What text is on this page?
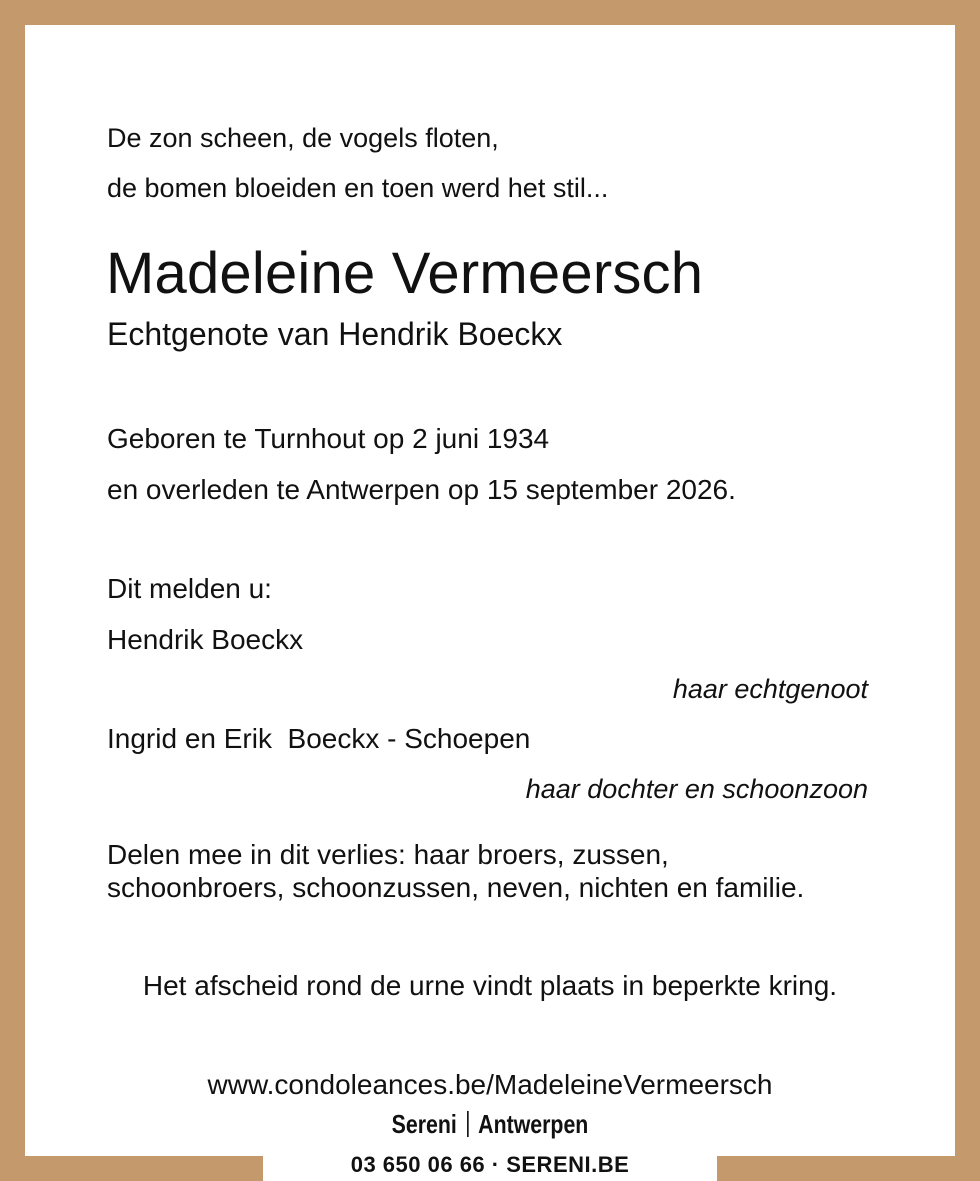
De zon scheen, de vogels floten,

de bomen bloeiden en toen werd het stil...

Madeleine Vermeersch

Echtgenote van Hendrik Boeckx

Geboren te Turnhout op 2 juni 1934

en overleden te Antwerpen op 15 september 2026.

Dit melden u:

Hendrik Boeckx

haar echtgenoot

Ingrid en Erik  Boeckx - Schoepen

haar dochter en schoonzoon

Delen mee in dit verlies: haar broers, zussen, schoonbroers, schoonzussen, neven, nichten en familie.

Het afscheid rond de urne vindt plaats in beperkte kring.

www.condoleances.be/MadeleineVermeersch

Sereni Antwerpen

03 650 06 66 · SERENI.BE
